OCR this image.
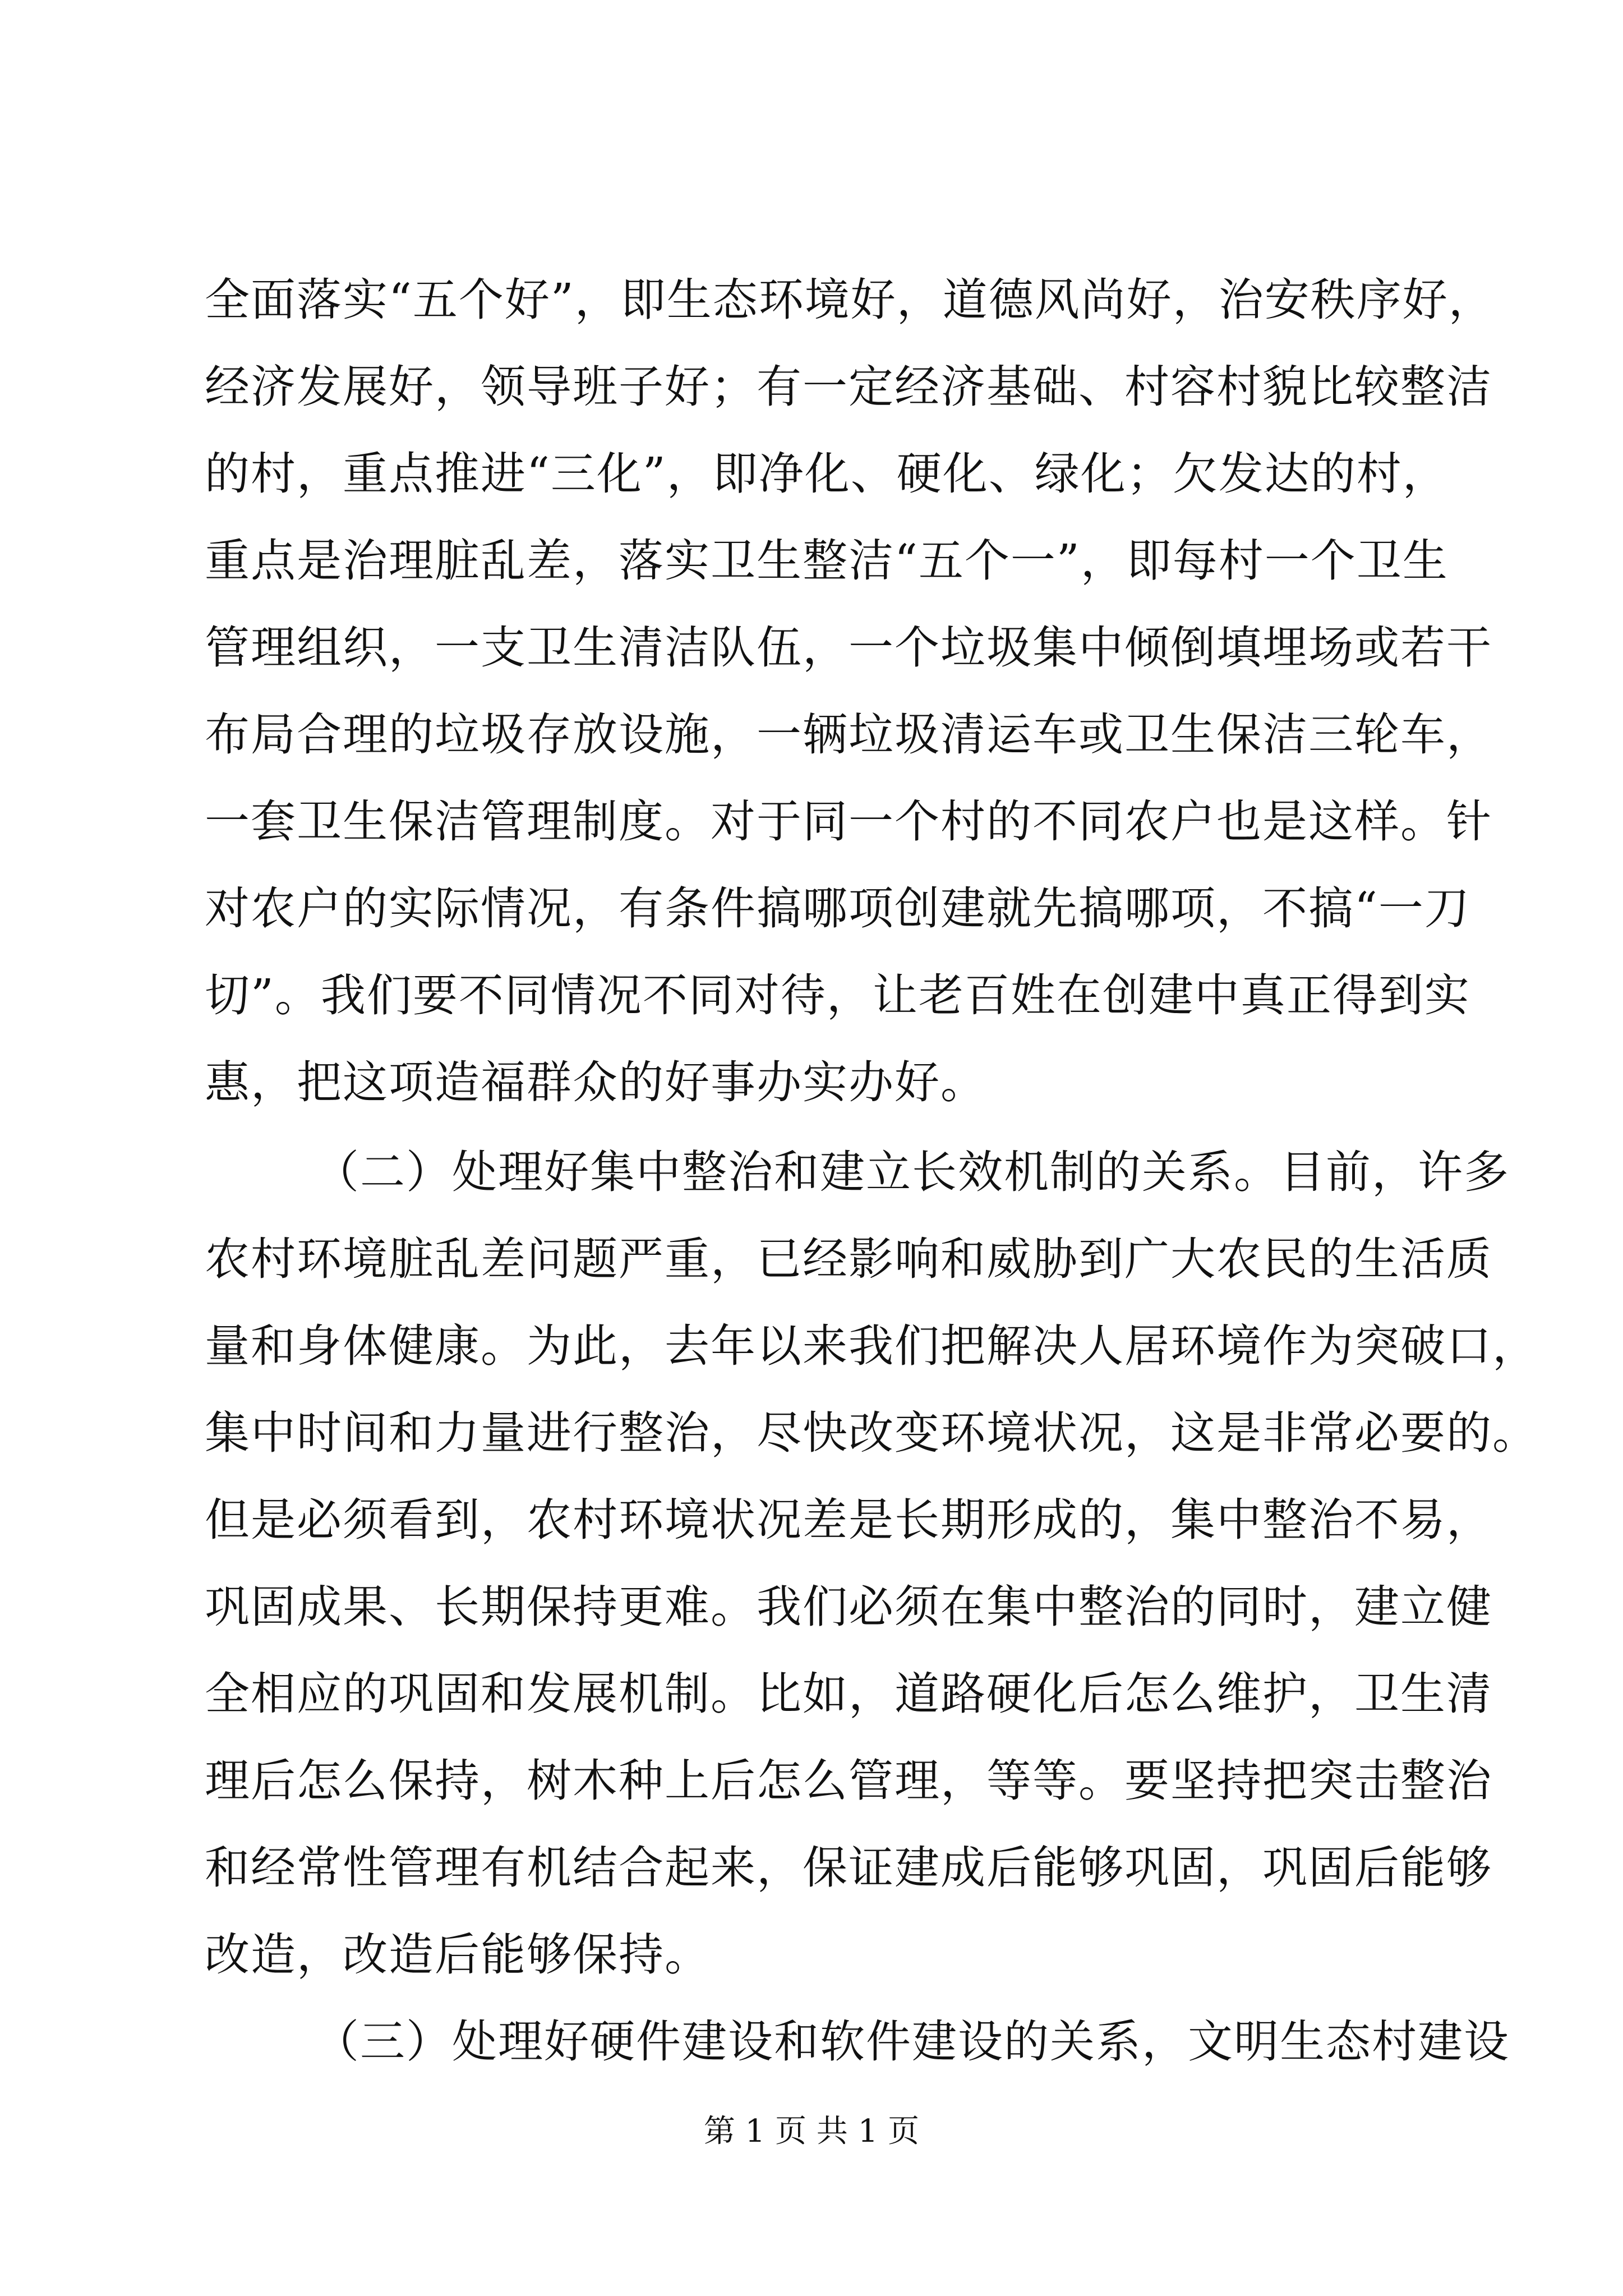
全面落实“五个好”，即生态环境好，道德风尚好，治安秩序好，
经济发展好，领导班子好；有一定经济基础、村容村貌比较整洁
的村，重点推进“三化”，即净化、硬化、绿化；欠发达的村，
重点是治理脏乱差，落实卫生整洁“五个一”，即每村一个卫生
管理组织，一支卫生清洁队伍，一个垃圾集中倾倒填埋场或若干
布局合理的垃圾存放设施，一辆垃圾清运车或卫生保洁三轮车，
一套卫生保洁管理制度。对于同一个村的不同农户也是这样。针
对农户的实际情况，有条件搞哪项创建就先搞哪项，不搞“一刀
切”。我们要不同情况不同对待，让老百姓在创建中真正得到实
惠，把这项造福群众的好事办实办好。
（二）处理好集中整治和建立长效机制的关系。目前，许多
农村环境脏乱差问题严重，已经影响和威胁到广大农民的生活质
量和身体健康。为此，去年以来我们把解决人居环境作为突破口，
集中时间和力量进行整治，尽快改变环境状况，这是非常必要的。
但是必须看到，农村环境状况差是长期形成的，集中整治不易，
巩固成果、长期保持更难。我们必须在集中整治的同时，建立健
全相应的巩固和发展机制。比如，道路硬化后怎么维护，卫生清
理后怎么保持，树木种上后怎么管理，等等。要坚持把突击整治
和经常性管理有机结合起来，保证建成后能够巩固，巩固后能够
改造，改造后能够保持。
（三）处理好硬件建设和软件建设的关系，文明生态村建设
第 1 页 共 1 页
